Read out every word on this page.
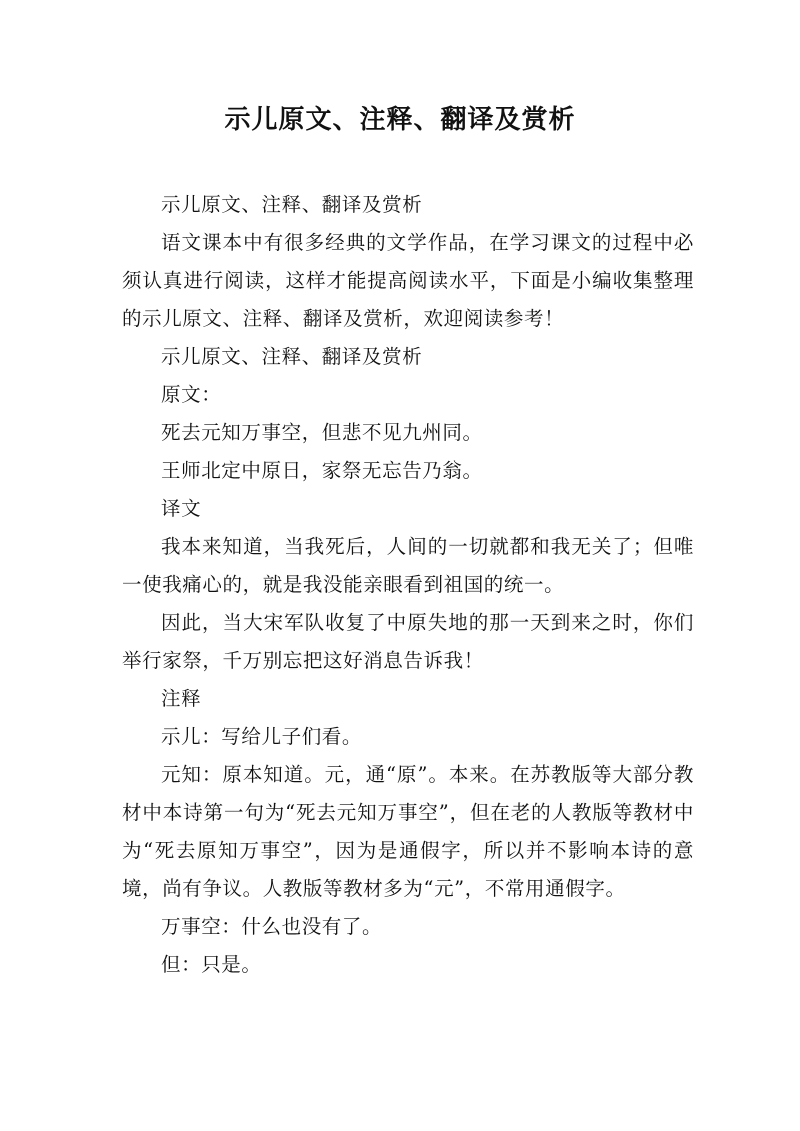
示儿原文、注释、翻译及赏析

示儿原文、注释、翻译及赏析

语文课本中有很多经典的文学作品，在学习课文的过程中必须认真进行阅读，这样才能提高阅读水平，下面是小编收集整理的示儿原文、注释、翻译及赏析，欢迎阅读参考！

示儿原文、注释、翻译及赏析

原文：

死去元知万事空，但悲不见九州同。

王师北定中原日，家祭无忘告乃翁。

译文

我本来知道，当我死后，人间的一切就都和我无关了；但唯一使我痛心的，就是我没能亲眼看到祖国的统一。

因此，当大宋军队收复了中原失地的那一天到来之时，你们举行家祭，千万别忘把这好消息告诉我！

注释

示儿：写给儿子们看。

元知：原本知道。元，通“原”。本来。在苏教版等大部分教材中本诗第一句为“死去元知万事空”，但在老的人教版等教材中为“死去原知万事空”，因为是通假字，所以并不影响本诗的意境，尚有争议。人教版等教材多为“元”，不常用通假字。

万事空：什么也没有了。

但：只是。
